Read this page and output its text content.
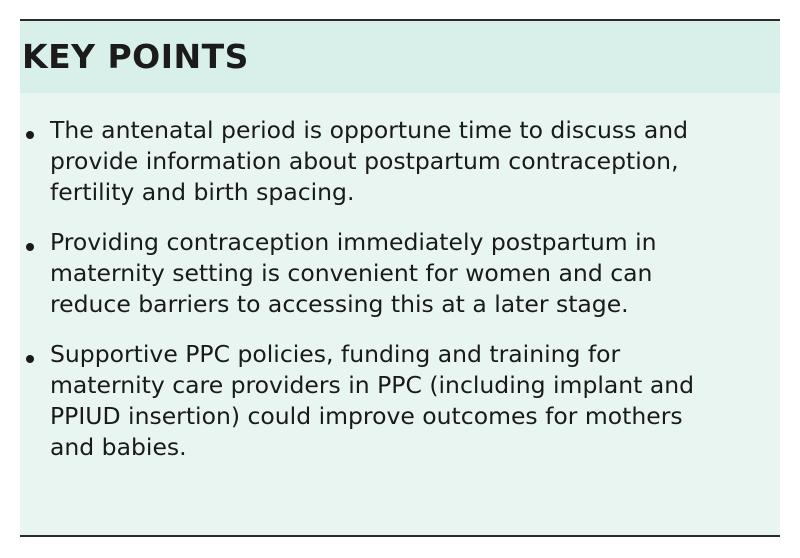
KEY POINTS
The antenatal period is opportune time to discuss and
provide information about postpartum contraception,
fertility and birth spacing.
Providing contraception immediately postpartum in
maternity setting is convenient for women and can
reduce barriers to accessing this at a later stage.
Supportive PPC policies, funding and training for
maternity care providers in PPC (including implant and
PPIUD insertion) could improve outcomes for mothers
and babies.
